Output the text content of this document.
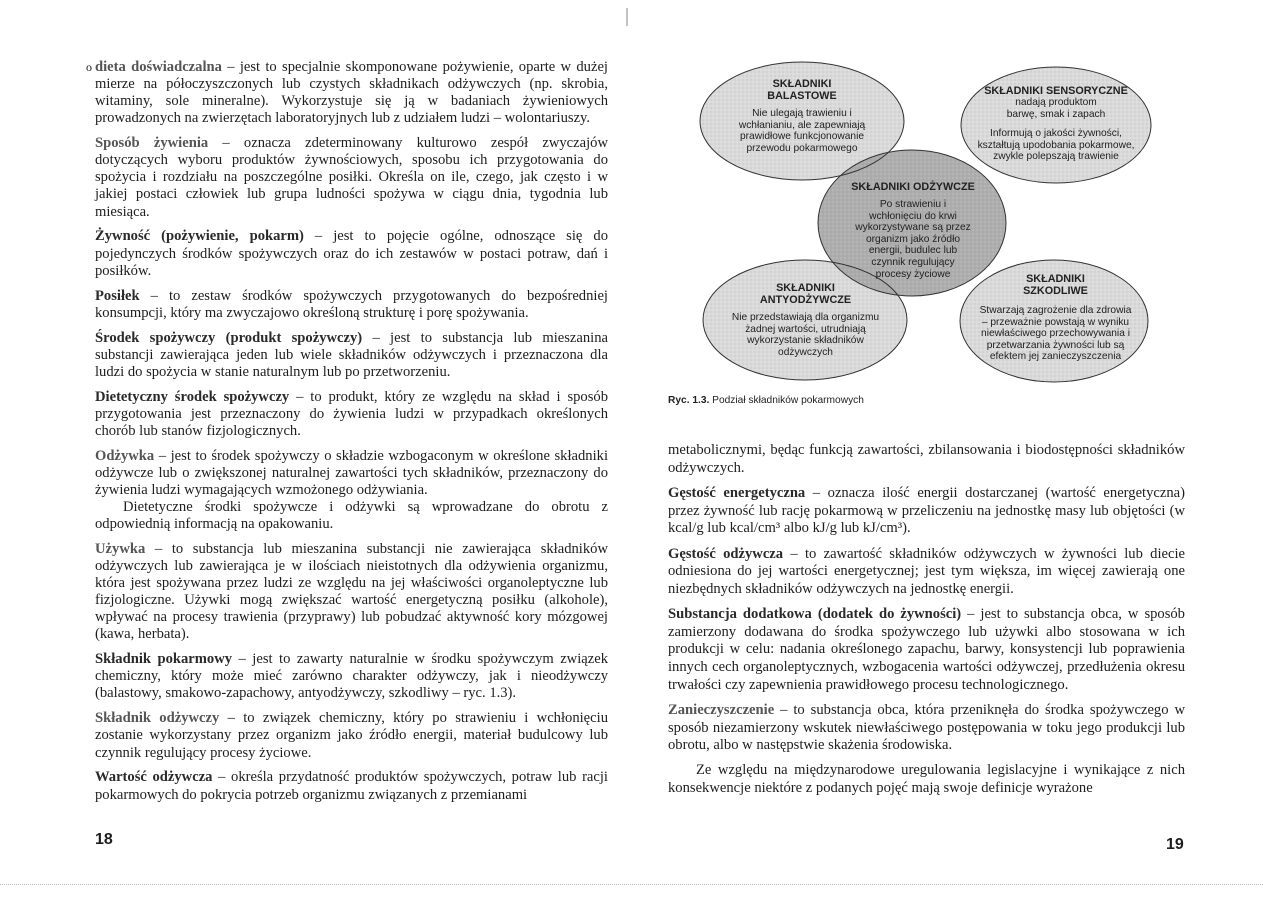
o dieta doświadczalna – jest to specjalnie skomponowane pożywienie, oparte w dużej mierze na półoczyszczonych lub czystych składnikach odżywczych (np. skrobia, witaminy, sole mineralne). Wykorzystuje się ją w badaniach żywieniowych prowadzonych na zwierzętach laboratoryjnych lub z udziałem ludzi – wolontariuszy.

Sposób żywienia – oznacza zdeterminowany kulturowo zespół zwyczajów dotyczących wyboru produktów żywnościowych, sposobu ich przygotowania do spożycia i rozdziału na poszczególne posiłki. Określa on ile, czego, jak często i w jakiej postaci człowiek lub grupa ludności spożywa w ciągu dnia, tygodnia lub miesiąca.

Żywność (pożywienie, pokarm) – jest to pojęcie ogólne, odnoszące się do pojedynczych środków spożywczych oraz do ich zestawów w postaci potraw, dań i posiłków.

Posiłek – to zestaw środków spożywczych przygotowanych do bezpośredniej konsumpcji, który ma zwyczajowo określoną strukturę i porę spożywania.

Środek spożywczy (produkt spożywczy) – jest to substancja lub mieszanina substancji zawierająca jeden lub wiele składników odżywczych i przeznaczona dla ludzi do spożycia w stanie naturalnym lub po przetworzeniu.

Dietetyczny środek spożywczy – to produkt, który ze względu na skład i sposób przygotowania jest przeznaczony do żywienia ludzi w przypadkach określonych chorób lub stanów fizjologicznych.

Odżywka – jest to środek spożywczy o składzie wzbogaconym w określone składniki odżywcze lub o zwiększonej naturalnej zawartości tych składników, przeznaczony do żywienia ludzi wymagających wzmożonego odżywiania.

Dietetyczne środki spożywcze i odżywki są wprowadzane do obrotu z odpowiednią informacją na opakowaniu.

Używka – to substancja lub mieszanina substancji nie zawierająca składników odżywczych lub zawierająca je w ilościach nieistotnych dla odżywienia organizmu, która jest spożywana przez ludzi ze względu na jej właściwości organoleptyczne lub fizjologiczne. Używki mogą zwiększać wartość energetyczną posiłku (alkohole), wpływać na procesy trawienia (przyprawy) lub pobudzać aktywność kory mózgowej (kawa, herbata).

Składnik pokarmowy – jest to zawarty naturalnie w środku spożywczym związek chemiczny, który może mieć zarówno charakter odżywczy, jak i nieodżywczy (balastowy, smakowo-zapachowy, antyodżywczy, szkodliwy – ryc. 1.3).

Składnik odżywczy – to związek chemiczny, który po strawieniu i wchłonięciu zostanie wykorzystany przez organizm jako źródło energii, materiał budulcowy lub czynnik regulujący procesy życiowe.

Wartość odżywcza – określa przydatność produktów spożywczych, potraw lub racji pokarmowych do pokrycia potrzeb organizmu związanych z przemianami

18
SKŁADNIKI BALASTOWE
Nie ulegają trawieniu i wchłanianiu, ale zapewniają prawidłowe funkcjonowanie przewodu pokarmowego
SKŁADNIKI SENSORYCZNE
nadają produktom barwę, smak i zapach
Informują o jakości żywności, kształtują upodobania pokarmowe, zwykle polepszają trawienie
SKŁADNIKI ODŻYWCZE
Po strawieniu i wchłonięciu do krwi wykorzystywane są przez organizm jako źródło energii, budulec lub czynnik regulujący procesy życiowe
SKŁADNIKI ANTYODŻYWCZE
Nie przedstawiają dla organizmu żadnej wartości, utrudniają wykorzystanie składników odżywczych
SKŁADNIKI SZKODLIWE
Stwarzają zagrożenie dla zdrowia – przeważnie powstają w wyniku niewłaściwego przechowywania i przetwarzania żywności lub są efektem jej zanieczyszczenia
Ryc. 1.3. Podział składników pokarmowych

metabolicznymi, będąc funkcją zawartości, zbilansowania i biodostępności składników odżywczych.

Gęstość energetyczna – oznacza ilość energii dostarczanej (wartość energetyczna) przez żywność lub rację pokarmową w przeliczeniu na jednostkę masy lub objętości (w kcal/g lub kcal/cm³ albo kJ/g lub kJ/cm³).

Gęstość odżywcza – to zawartość składników odżywczych w żywności lub diecie odniesiona do jej wartości energetycznej; jest tym większa, im więcej zawierają one niezbędnych składników odżywczych na jednostkę energii.

Substancja dodatkowa (dodatek do żywności) – jest to substancja obca, w sposób zamierzony dodawana do środka spożywczego lub używki albo stosowana w ich produkcji w celu: nadania określonego zapachu, barwy, konsystencji lub poprawienia innych cech organoleptycznych, wzbogacenia wartości odżywczej, przedłużenia okresu trwałości czy zapewnienia prawidłowego procesu technologicznego.

Zanieczyszczenie – to substancja obca, która przeniknęła do środka spożywczego w sposób niezamierzony wskutek niewłaściwego postępowania w toku jego produkcji lub obrotu, albo w następstwie skażenia środowiska.

Ze względu na międzynarodowe uregulowania legislacyjne i wynikające z nich konsekwencje niektóre z podanych pojęć mają swoje definicje wyrażone

19
